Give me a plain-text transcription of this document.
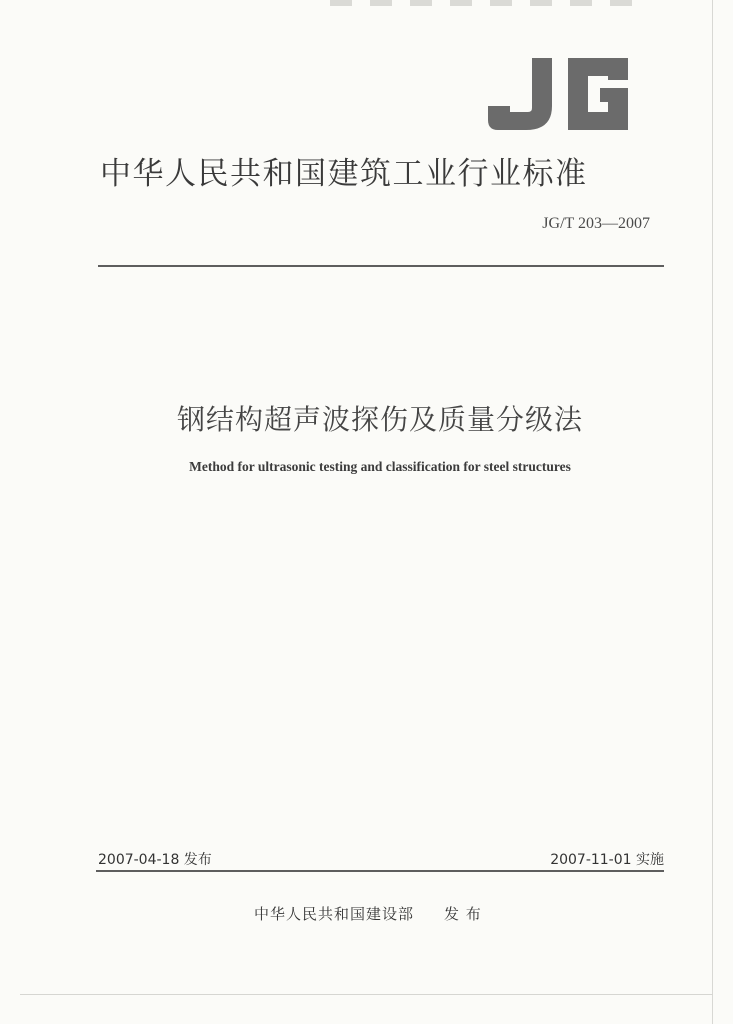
中华人民共和国建筑工业行业标准
JG/T 203—2007
钢结构超声波探伤及质量分级法
Method for ultrasonic testing and classification for steel structures
2007-04-18 发布	2007-11-01 实施
中华人民共和国建设部 发 布
